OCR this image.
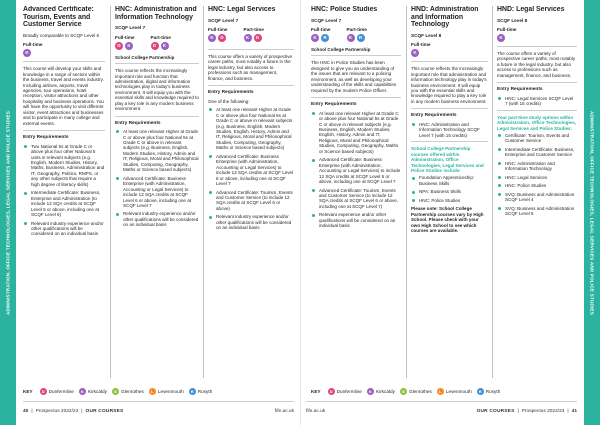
ADMINISTRATION, OFFICE TECHNOLOGIES, LEGAL SERVICES AND POLICE STUDIES	ADMINISTRATION, OFFICE TECHNOLOGIES, LEGAL SERVICES AND POLICE STUDIES
Advanced Certificate: Tourism, Events and Customer Service
Broadly comparable to SCQF Level 6
Full-time
K

This course will develop your skills and knowledge in a range of sectors within the business, travel and events industry. Including airlines, airports, travel agencies, tour operations, hotel reception, visitor attractions and other hospitality and business operations. You will have the opportunity to visit different visitor, event attractions and businesses and to participate in many college and external events.

Entry Requirements
Two National 5s at Grade C or above plus four other National 5 units in relevant subjects (e.g. English, Modern Studies, History, Maths, Business, Administration and IT, Geography, Politics, RMPS, or any other subjects that require a high degree of literacy skills)
Intermediate Certificate: Business, Enterprise and Administration (to include 12 SQA credits at SCQF Level 5 or above, including one at SCQF Level 6)
Relevant industry experience and/or other qualifications will be considered on an individual basis
HNC: Administration and Information Technology
SCQF Level 7
Full-time
D	K
Part-time
D	K
School College Partnership

This course reflects the increasingly important role and function that administration, digital and information technologies play in today's business environment. It will equip you with the essential skills and knowledge required to play a key role in any modern business environment.

Entry Requirements
At least one relevant Higher at Grade C or above plus four National 5s at Grade C or above in relevant subjects (e.g. Business, English, Modern Studies, History, Admin and IT, Religious, Moral and Philosophical Studies, Computing, Geography, Maths or Science based subjects)
Advanced Certificate: Business Enterprise (with Administration, Accounting or Legal Services) to include 12 SQA credits at SCQF Level 6 or above, including one at SCQF Level 7
Relevant industry experience and/or other qualifications will be considered on an individual basis
HNC: Legal Services
SCQF Level 7
Full-time
K	D
Part-time
K	D

This course offers a variety of prospective career paths, most notably a future in the legal industry, but also access to professions such as management, finance, and business.

Entry Requirements
One of the following:
At least one relevant Higher at Grade C or above plus four National 5s at Grade C or above in relevant subjects (e.g. Business, English, Modern Studies, English, History, Admin and IT, Religious, Moral and Philosophical Studies, Computing, Geography, Maths or Science based subjects)
Advanced Certificate: Business Enterprise (with Administration, Accounting or Legal Services) to include 12 SQA credits at SCQF Level 6 or above, including one at SCQF Level 7
Advanced Certificate: Tourism, Events and Customer Service (to include 12 SQA credits at SCQF Level 6 or above)
Relevant industry experience and/or other qualifications will be considered on an individual basis
HNC: Police Studies
SCQF Level 7
Full-time
K	R
Part-time
K	R
School College Partnership

The HNC in Police Studies has been designed to give you an understanding of the issues that are relevant to a policing environment, as well as developing your understanding of the skills and capabilities required by the modern Police Officer.

Entry Requirements
At least one relevant Higher at Grade C or above plus four National 5s at Grade C or above in relevant subjects (e.g. Business, English, Modern Studies, English, History, Admin and IT, Religious, Moral and Philosophical Studies, Computing, Geography, Maths or Science based subjects)
Advanced Certificate: Business Enterprise (with Administration, Accounting or Legal Services) to include 12 SQA credits at SCQF Level 6 or above, including one at SCQF Level 7
Advanced Certificate: Tourism, Events and Customer Service (to include 12 SQA credits at SCQF Level 6 or above, including one at SCQF Level 7)
Relevant experience and/or other qualifications will be considered on an individual basis
HND: Administration and Information Technology
SCQF Level 8
Full-time
K

This course reflects the increasingly important role that administration and information technology play in today's business environment. It will equip you with the essential skills and knowledge required to play a key role in any modern business environment.

Entry Requirements
HNC: Administration and Information Technology SCQF Level 7 (with 15 credits)
School College Partnership courses offered within Administration, Office Technologies, Legal Services and Police Studies include:
Foundation Apprenticeship: Business Skills
NPA: Business Skills
HNC: Police Studies

Please note: School College Partnership courses vary by High School. Please check with your own High School to see which courses are available.

HND: Legal Services
SCQF Level 8
Full-time
K

The course offers a variety of prospective career paths, most notably a future in the legal industry, but also access to professions such as management, finance, and business.

Entry Requirements
HNC: Legal Services SCQF Level 7 (with 15 credits)
Your part-time study options within Administration, Office Technologies, Legal Services and Police Studies:
Certificate: Tourism, Events and Customer Service
Intermediate Certificate: Business, Enterprise and Customer Service
HNC: Administration and Information Technology
HNC: Legal Services
HNC: Police Studies
SVQ: Business and Administration SCQF Level 4
SVQ: Business and Administration SCQF Level 5
KEY	D Dunfermline	K Kirkcaldy	G Glenrothes	L Levenmouth	R Rosyth	KEY	D Dunfermline	K Kirkcaldy	G Glenrothes	L Levenmouth	R Rosyth
40 | Prospectus 2022/23 | OUR COURSES	fife.ac.uk	fife.ac.uk	OUR COURSES | Prospectus 2022/23 | 41
